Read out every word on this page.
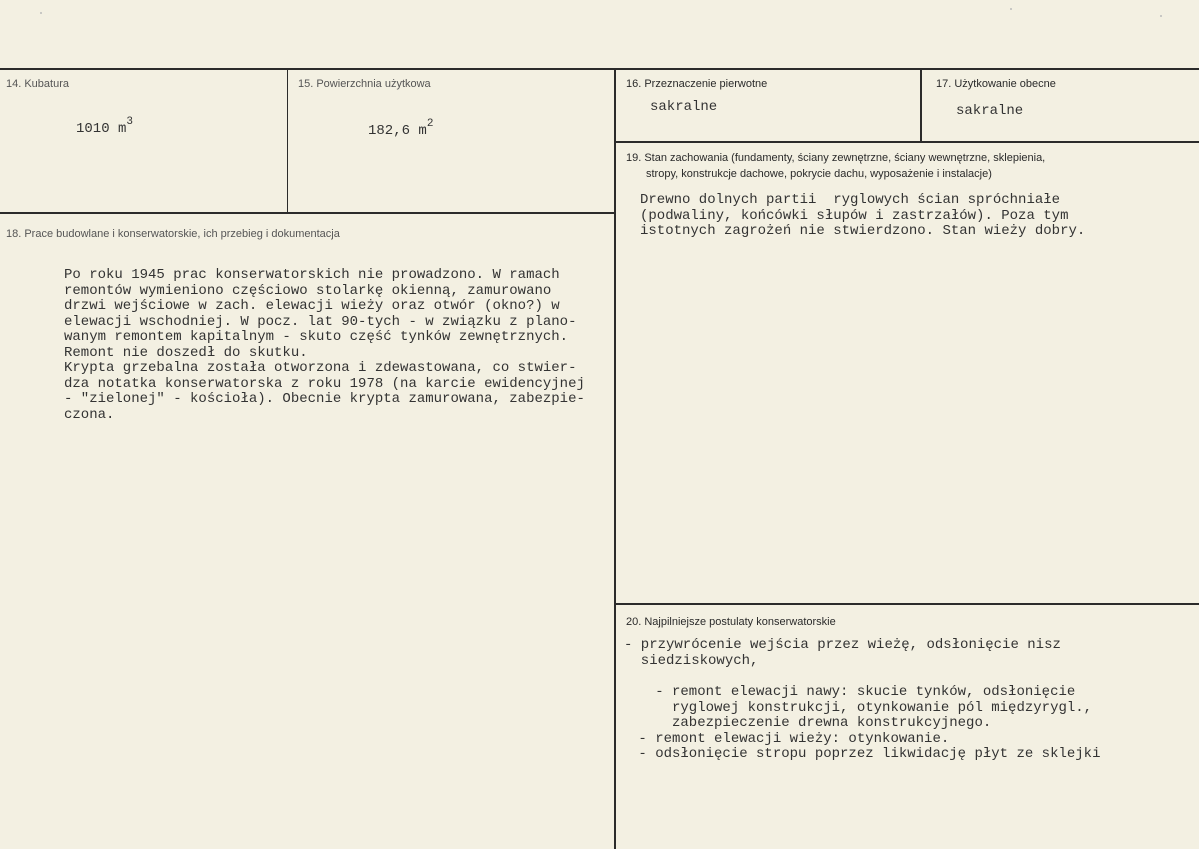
14. Kubatura
1010 $m^3$
15. Powierzchnia użytkowa
182,6 $m^2$
16. Przeznaczenie pierwotne
sakralne
17. Użytkowanie obecne
sakralne
19. Stan zachowania (fundamenty, ściany zewnętrzne, ściany wewnętrzne, sklepienia,
stropy, konstrukcje dachowe, pokrycie dachu, wyposażenie i instalacje)
Drewno dolnych partii  ryglowych ścian spróchniałe
(podwaliny, końcówki słupów i zastrzałów). Poza tym
istotnych zagrożeń nie stwierdzono. Stan wieży dobry.
18. Prace budowlane i konserwatorskie, ich przebieg i dokumentacja
Po roku 1945 prac konserwatorskich nie prowadzono. W ramach
remontów wymieniono częściowo stolarkę okienną, zamurowano
drzwi wejściowe w zach. elewacji wieży oraz otwór (okno?) w
elewacji wschodniej. W pocz. lat 90-tych - w związku z plano-
wanym remontem kapitalnym - skuto część tynków zewnętrznych.
Remont nie doszedł do skutku.
Krypta grzebalna została otworzona i zdewastowana, co stwier-
dza notatka konserwatorska z roku 1978 (na karcie ewidencyjnej
- "zielonej" - kościoła). Obecnie krypta zamurowana, zabezpie-
czona.
20. Najpilniejsze postulaty konserwatorskie
- przywrócenie wejścia przez wieżę, odsłonięcie nisz
siedziskowych,
- remont elewacji nawy: skucie tynków, odsłonięcie
ryglowej konstrukcji, otynkowanie pól międzyrygl.,
zabezpieczenie drewna konstrukcyjnego.
- remont elewacji wieży: otynkowanie.
- odsłonięcie stropu poprzez likwidację płyt ze sklejki
